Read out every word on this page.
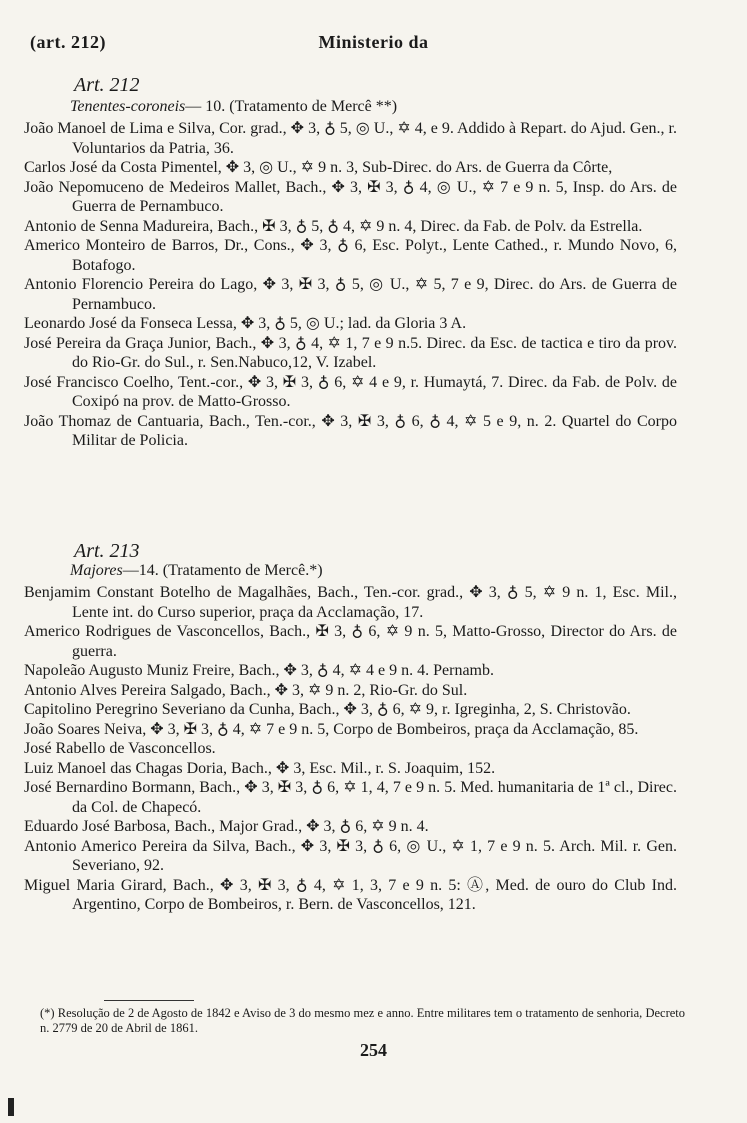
(art. 212)	Ministerio da
Art. 212
Tenentes-coroneis— 10. (Tratamento de Mercê **)

João Manoel de Lima e Silva, Cor. grad., ✥ 3, ♁ 5, ◎ U., ✡ 4, e 9. Addido à Repart. do Ajud. Gen., r. Voluntarios da Patria, 36.

Carlos José da Costa Pimentel, ✥ 3, ◎ U., ✡ 9 n. 3, Sub-Direc. do Ars. de Guerra da Côrte,

João Nepomuceno de Medeiros Mallet, Bach., ✥ 3, ✠ 3, ♁ 4, ◎ U., ✡ 7 e 9 n. 5, Insp. do Ars. de Guerra de Pernambuco.

Antonio de Senna Madureira, Bach., ✠ 3, ♁ 5, ♁ 4, ✡ 9 n. 4, Direc. da Fab. de Polv. da Estrella.

Americo Monteiro de Barros, Dr., Cons., ✥ 3, ♁ 6, Esc. Polyt., Lente Cathed., r. Mundo Novo, 6, Botafogo.

Antonio Florencio Pereira do Lago, ✥ 3, ✠ 3, ♁ 5, ◎ U., ✡ 5, 7 e 9, Direc. do Ars. de Guerra de Pernambuco.

Leonardo José da Fonseca Lessa, ✥ 3, ♁ 5, ◎ U.; lad. da Gloria 3 A.

José Pereira da Graça Junior, Bach., ✥ 3, ♁ 4, ✡ 1, 7 e 9 n.5. Direc. da Esc. de tactica e tiro da prov. do Rio-Gr. do Sul., r. Sen.Nabuco,12, V. Izabel.

José Francisco Coelho, Tent.-cor., ✥ 3, ✠ 3, ♁ 6, ✡ 4 e 9, r. Humaytá, 7. Direc. da Fab. de Polv. de Coxipó na prov. de Matto-Grosso.

João Thomaz de Cantuaria, Bach., Ten.-cor., ✥ 3, ✠ 3, ♁ 6, ♁ 4, ✡ 5 e 9, n. 2. Quartel do Corpo Militar de Policia.

Art. 213
Majores—14. (Tratamento de Mercê.*)

Benjamim Constant Botelho de Magalhães, Bach., Ten.-cor. grad., ✥ 3, ♁ 5, ✡ 9 n. 1, Esc. Mil., Lente int. do Curso superior, praça da Acclamação, 17.

Americo Rodrigues de Vasconcellos, Bach., ✠ 3, ♁ 6, ✡ 9 n. 5, Matto-Grosso, Director do Ars. de guerra.

Napoleão Augusto Muniz Freire, Bach., ✥ 3, ♁ 4, ✡ 4 e 9 n. 4. Pernamb.

Antonio Alves Pereira Salgado, Bach., ✥ 3, ✡ 9 n. 2, Rio-Gr. do Sul.

Capitolino Peregrino Severiano da Cunha, Bach., ✥ 3, ♁ 6, ✡ 9, r. Igreginha, 2, S. Christovão.

João Soares Neiva, ✥ 3, ✠ 3, ♁ 4, ✡ 7 e 9 n. 5, Corpo de Bombeiros, praça da Acclamação, 85.

José Rabello de Vasconcellos.

Luiz Manoel das Chagas Doria, Bach., ✥ 3, Esc. Mil., r. S. Joaquim, 152.

José Bernardino Bormann, Bach., ✥ 3, ✠ 3, ♁ 6, ✡ 1, 4, 7 e 9 n. 5. Med. humanitaria de 1ª cl., Direc. da Col. de Chapecó.

Eduardo José Barbosa, Bach., Major Grad., ✥ 3, ♁ 6, ✡ 9 n. 4.

Antonio Americo Pereira da Silva, Bach., ✥ 3, ✠ 3, ♁ 6, ◎ U., ✡ 1, 7 e 9 n. 5. Arch. Mil. r. Gen. Severiano, 92.

Miguel Maria Girard, Bach., ✥ 3, ✠ 3, ♁ 4, ✡ 1, 3, 7 e 9 n. 5: Ⓐ, Med. de ouro do Club Ind. Argentino, Corpo de Bombeiros, r. Bern. de Vasconcellos, 121.

(*) Resolução de 2 de Agosto de 1842 e Aviso de 3 do mesmo mez e anno. Entre militares tem o tratamento de senhoria, Decreto n. 2779 de 20 de Abril de 1861.
254
